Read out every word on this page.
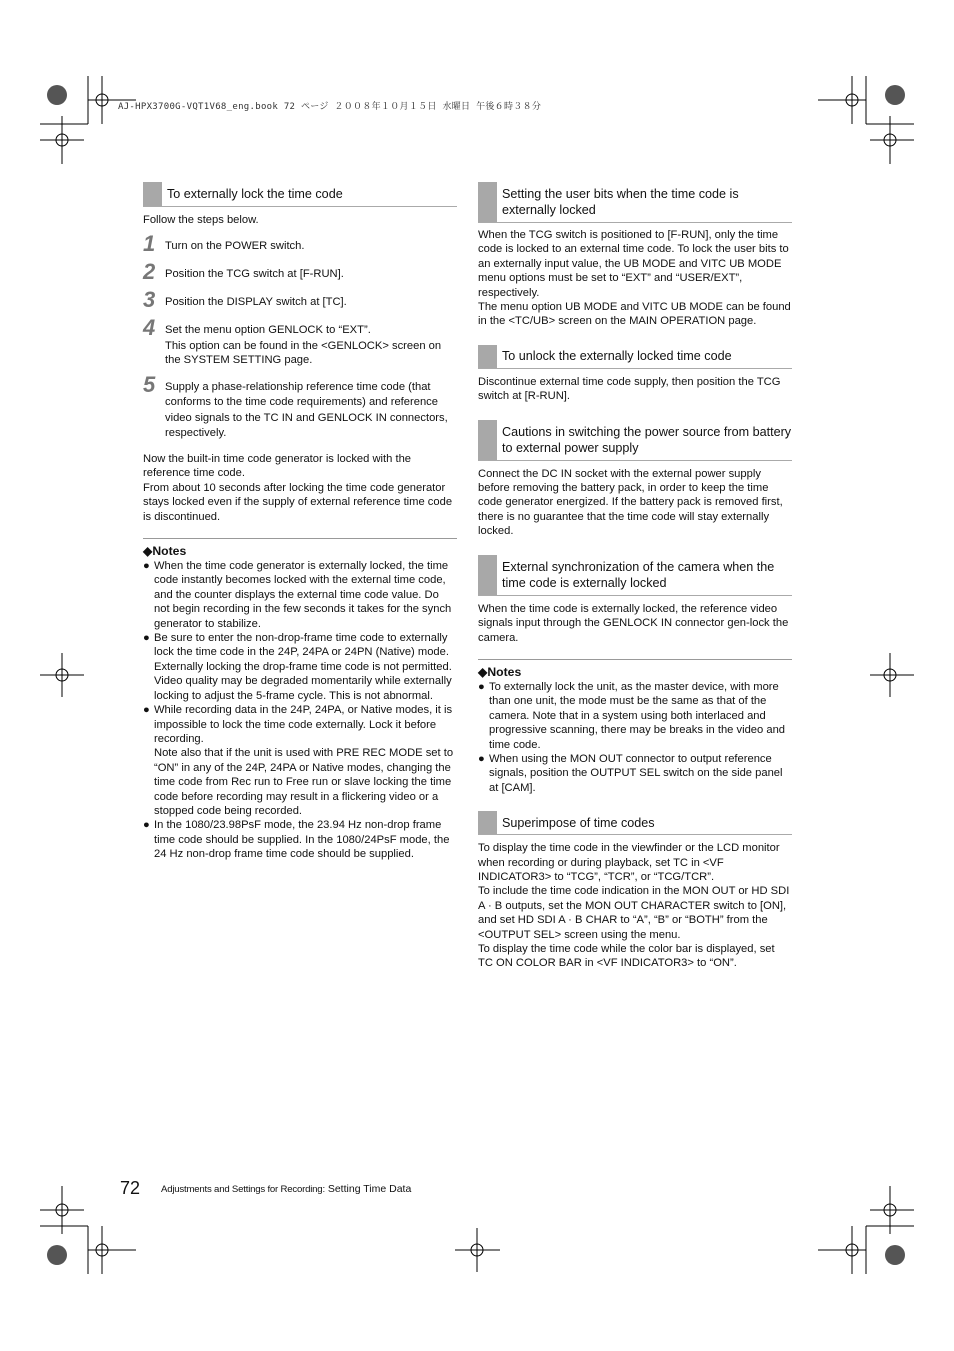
AJ-HPX3700G-VQT1V68_eng.book 72 ページ ２００８年１０月１５日 水曜日 午後６時３８分
To externally lock the time code

Follow the steps below.

1 Turn on the POWER switch.
2 Position the TCG switch at [F-RUN].
3 Position the DISPLAY switch at [TC].
4 Set the menu option GENLOCK to “EXT”.
This option can be found in the <GENLOCK> screen on the SYSTEM SETTING page.
5 Supply a phase-relationship reference time code (that conforms to the time code requirements) and reference video signals to the TC IN and GENLOCK IN connectors, respectively.

Now the built-in time code generator is locked with the reference time code.

From about 10 seconds after locking the time code generator stays locked even if the supply of external reference time code is discontinued.

◆Notes
● When the time code generator is externally locked, the time code instantly becomes locked with the external time code, and the counter displays the external time code value. Do not begin recording in the few seconds it takes for the synch generator to stabilize.
● Be sure to enter the non-drop-frame time code to externally lock the time code in the 24P, 24PA or 24PN (Native) mode. Externally locking the drop-frame time code is not permitted.
Video quality may be degraded momentarily while externally locking to adjust the 5-frame cycle. This is not abnormal.
● While recording data in the 24P, 24PA, or Native modes, it is impossible to lock the time code externally. Lock it before recording.
Note also that if the unit is used with PRE REC MODE set to “ON” in any of the 24P, 24PA or Native modes, changing the time code from Rec run to Free run or slave locking the time code before recording may result in a flickering video or a stopped code being recorded.
● In the 1080/23.98PsF mode, the 23.94 Hz non-drop frame time code should be supplied. In the 1080/24PsF mode, the 24 Hz non-drop frame time code should be supplied.
Setting the user bits when the time code is externally locked

When the TCG switch is positioned to [F-RUN], only the time code is locked to an external time code. To lock the user bits to an externally input value, the UB MODE and VITC UB MODE menu options must be set to “EXT” and “USER/EXT”, respectively.

The menu option UB MODE and VITC UB MODE can be found in the <TC/UB> screen on the MAIN OPERATION page.

To unlock the externally locked time code

Discontinue external time code supply, then position the TCG switch at [R-RUN].

Cautions in switching the power source from battery to external power supply

Connect the DC IN socket with the external power supply before removing the battery pack, in order to keep the time code generator energized. If the battery pack is removed first, there is no guarantee that the time code will stay externally locked.

External synchronization of the camera when the time code is externally locked

When the time code is externally locked, the reference video signals input through the GENLOCK IN connector gen-lock the camera.

◆Notes
● To externally lock the unit, as the master device, with more than one unit, the mode must be the same as that of the camera. Note that in a system using both interlaced and progressive scanning, there may be breaks in the video and time code.
● When using the MON OUT connector to output reference signals, position the OUTPUT SEL switch on the side panel at [CAM].
Superimpose of time codes

To display the time code in the viewfinder or the LCD monitor when recording or during playback, set TC in <VF INDICATOR3> to “TCG”, “TCR”, or “TCG/TCR”.

To include the time code indication in the MON OUT or HD SDI A · B outputs, set the MON OUT CHARACTER switch to [ON], and set HD SDI A · B CHAR to “A”, “B” or “BOTH” from the <OUTPUT SEL> screen using the menu.

To display the time code while the color bar is displayed, set TC ON COLOR BAR in <VF INDICATOR3> to “ON”.

72 Adjustments and Settings for Recording: Setting Time Data
